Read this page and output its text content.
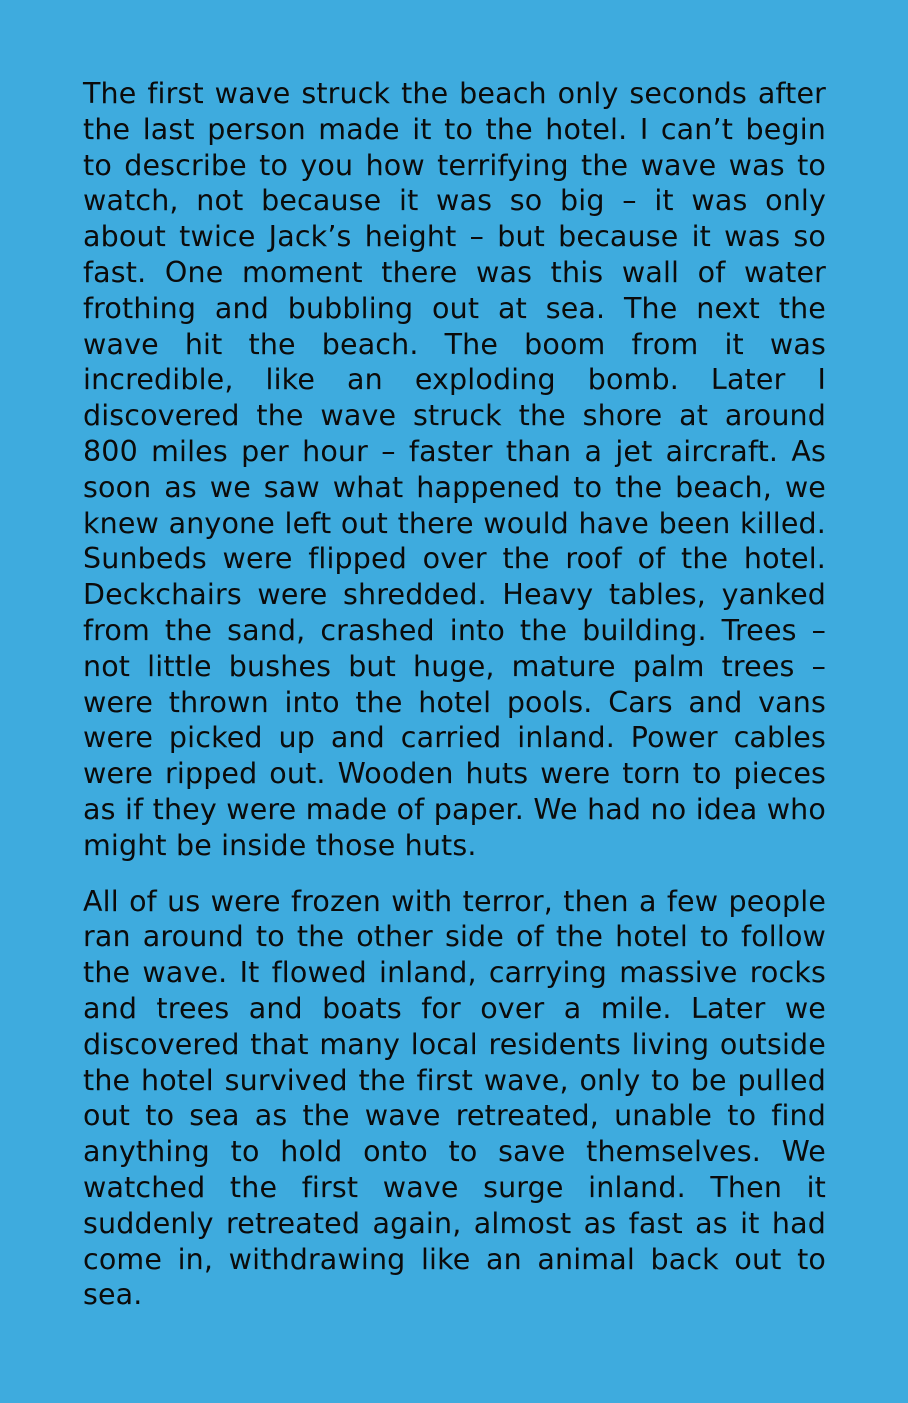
The first wave struck the beach only seconds after the last person made it to the hotel. I can’t begin to describe to you how terrifying the wave was to watch, not because it was so big – it was only about twice Jack’s height – but because it was so fast. One moment there was this wall of water frothing and bubbling out at sea. The next the wave hit the beach. The boom from it was incredible, like an exploding bomb. Later I discovered the wave struck the shore at around 800 miles per hour – faster than a jet aircraft. As soon as we saw what happened to the beach, we knew anyone left out there would have been killed. Sunbeds were flipped over the roof of the hotel. Deckchairs were shredded. Heavy tables, yanked from the sand, crashed into the building. Trees – not little bushes but huge, mature palm trees – were thrown into the hotel pools. Cars and vans were picked up and carried inland. Power cables were ripped out. Wooden huts were torn to pieces as if they were made of paper. We had no idea who might be inside those huts.

All of us were frozen with terror, then a few people ran around to the other side of the hotel to follow the wave. It flowed inland, carrying massive rocks and trees and boats for over a mile. Later we discovered that many local residents living outside the hotel survived the first wave, only to be pulled out to sea as the wave retreated, unable to find anything to hold onto to save themselves. We watched the first wave surge inland. Then it suddenly retreated again, almost as fast as it had come in, withdrawing like an animal back out to sea.
